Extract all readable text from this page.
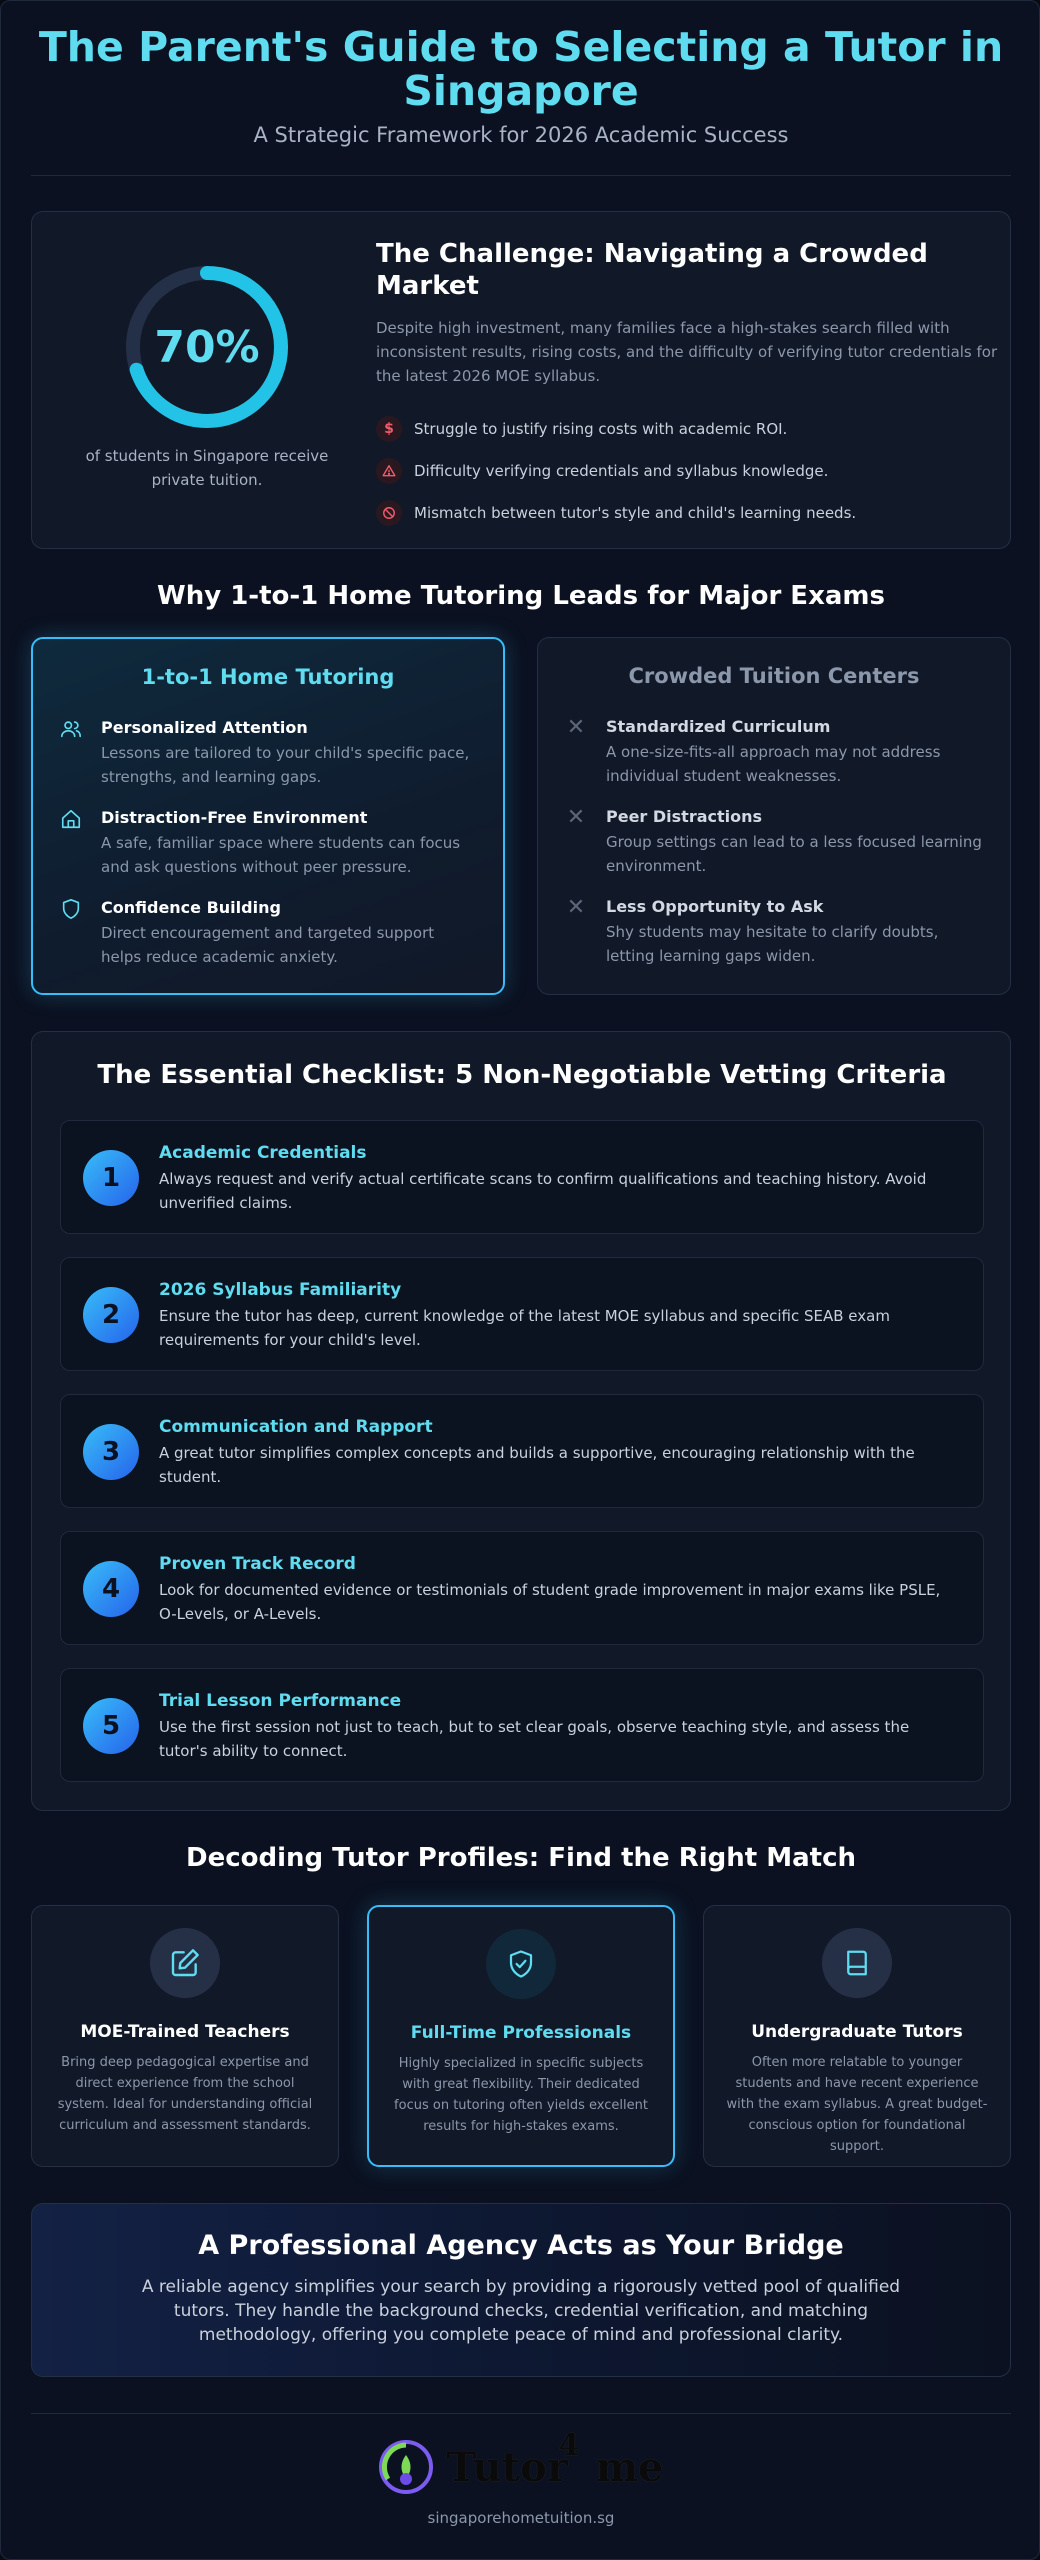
The Parent's Guide to Selecting a Tutor in Singapore
A Strategic Framework for 2026 Academic Success
70%
of students in Singapore receive private tuition.
The Challenge: Navigating a Crowded Market
Despite high investment, many families face a high-stakes search filled with inconsistent results, rising costs, and the difficulty of verifying tutor credentials for the latest 2026 MOE syllabus.
$	Struggle to justify rising costs with academic ROI.
Difficulty verifying credentials and syllabus knowledge.
Mismatch between tutor's style and child's learning needs.
Why 1-to-1 Home Tutoring Leads for Major Exams
1-to-1 Home Tutoring
Personalized Attention
Lessons are tailored to your child's specific pace, strengths, and learning gaps.
Distraction-Free Environment
A safe, familiar space where students can focus and ask questions without peer pressure.
Confidence Building
Direct encouragement and targeted support helps reduce academic anxiety.
Crowded Tuition Centers
✕ Standardized Curriculum
A one-size-fits-all approach may not address individual student weaknesses.
✕ Peer Distractions
Group settings can lead to a less focused learning environment.
✕ Less Opportunity to Ask
Shy students may hesitate to clarify doubts, letting learning gaps widen.
The Essential Checklist: 5 Non-Negotiable Vetting Criteria
1
Academic Credentials
Always request and verify actual certificate scans to confirm qualifications and teaching history. Avoid unverified claims.
2
2026 Syllabus Familiarity
Ensure the tutor has deep, current knowledge of the latest MOE syllabus and specific SEAB exam requirements for your child's level.
3
Communication and Rapport
A great tutor simplifies complex concepts and builds a supportive, encouraging relationship with the student.
4
Proven Track Record
Look for documented evidence or testimonials of student grade improvement in major exams like PSLE, O-Levels, or A-Levels.
5
Trial Lesson Performance
Use the first session not just to teach, but to set clear goals, observe teaching style, and assess the tutor's ability to connect.
Decoding Tutor Profiles: Find the Right Match
MOE-Trained Teachers
Bring deep pedagogical expertise and direct experience from the school system. Ideal for understanding official curriculum and assessment standards.
Full-Time Professionals
Highly specialized in specific subjects with great flexibility. Their dedicated focus on tutoring often yields excellent results for high-stakes exams.
Undergraduate Tutors
Often more relatable to younger students and have recent experience with the exam syllabus. A great budget-conscious option for foundational support.
A Professional Agency Acts as Your Bridge
A reliable agency simplifies your search by providing a rigorously vetted pool of qualified tutors. They handle the background checks, credential verification, and matching methodology, offering you complete peace of mind and professional clarity.
Tutor me
4
singaporehometuition.sg
